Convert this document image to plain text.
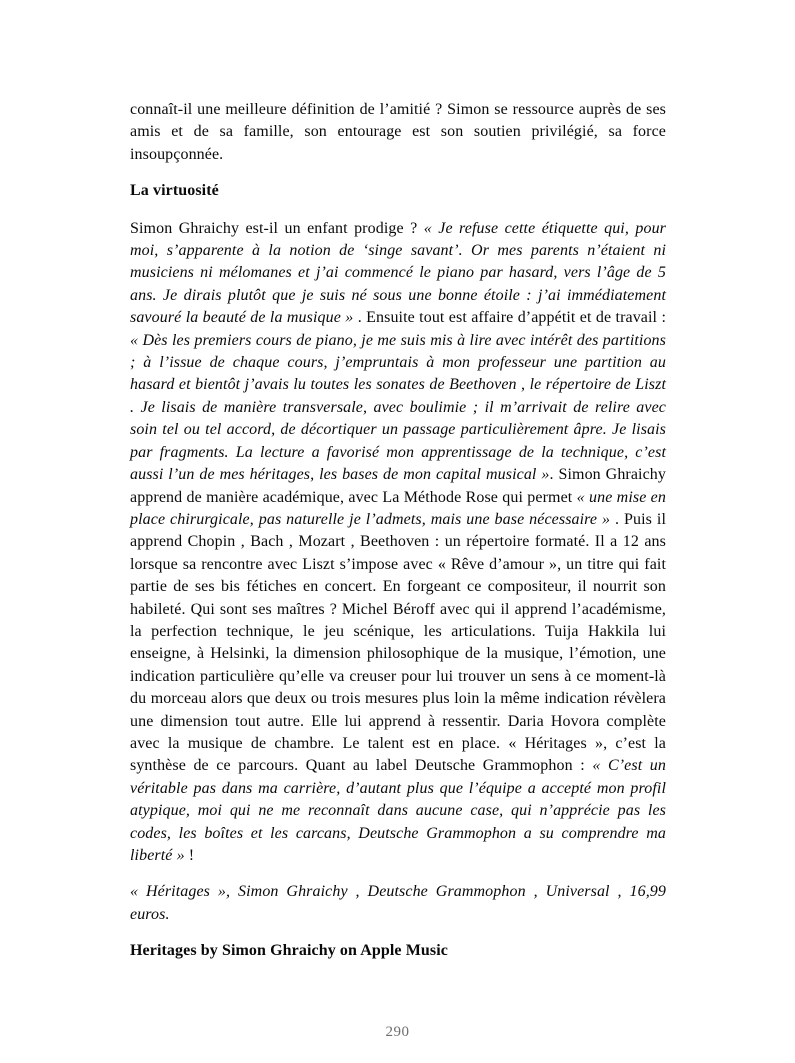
connaît-il une meilleure définition de l’amitié ? Simon se ressource auprès de ses amis et de sa famille, son entourage est son soutien privilégié, sa force insoupçonnée.

La virtuosité

Simon Ghraichy est-il un enfant prodige ? « Je refuse cette étiquette qui, pour moi, s’apparente à la notion de ‘singe savant’. Or mes parents n’étaient ni musiciens ni mélomanes et j’ai commencé le piano par hasard, vers l’âge de 5 ans. Je dirais plutôt que je suis né sous une bonne étoile : j’ai immédiatement savouré la beauté de la musique » . Ensuite tout est affaire d’appétit et de travail : « Dès les premiers cours de piano, je me suis mis à lire avec intérêt des partitions ; à l’issue de chaque cours, j’empruntais à mon professeur une partition au hasard et bientôt j’avais lu toutes les sonates de Beethoven , le répertoire de Liszt . Je lisais de manière transversale, avec boulimie ; il m’arrivait de relire avec soin tel ou tel accord, de décortiquer un passage particulièrement âpre. Je lisais par fragments. La lecture a favorisé mon apprentissage de la technique, c’est aussi l’un de mes héritages, les bases de mon capital musical ». Simon Ghraichy apprend de manière académique, avec La Méthode Rose qui permet « une mise en place chirurgicale, pas naturelle je l’admets, mais une base nécessaire » . Puis il apprend Chopin , Bach , Mozart , Beethoven : un répertoire formaté. Il a 12 ans lorsque sa rencontre avec Liszt s’impose avec « Rêve d’amour », un titre qui fait partie de ses bis fétiches en concert. En forgeant ce compositeur, il nourrit son habileté. Qui sont ses maîtres ? Michel Béroff avec qui il apprend l’académisme, la perfection technique, le jeu scénique, les articulations. Tuija Hakkila lui enseigne, à Helsinki, la dimension philosophique de la musique, l’émotion, une indication particulière qu’elle va creuser pour lui trouver un sens à ce moment-là du morceau alors que deux ou trois mesures plus loin la même indication révèlera une dimension tout autre. Elle lui apprend à ressentir. Daria Hovora complète avec la musique de chambre. Le talent est en place. « Héritages », c’est la synthèse de ce parcours. Quant au label Deutsche Grammophon : « C’est un véritable pas dans ma carrière, d’autant plus que l’équipe a accepté mon profil atypique, moi qui ne me reconnaît dans aucune case, qui n’apprécie pas les codes, les boîtes et les carcans, Deutsche Grammophon a su comprendre ma liberté » !

« Héritages », Simon Ghraichy , Deutsche Grammophon , Universal , 16,99 euros.

Heritages by Simon Ghraichy on Apple Music

290
